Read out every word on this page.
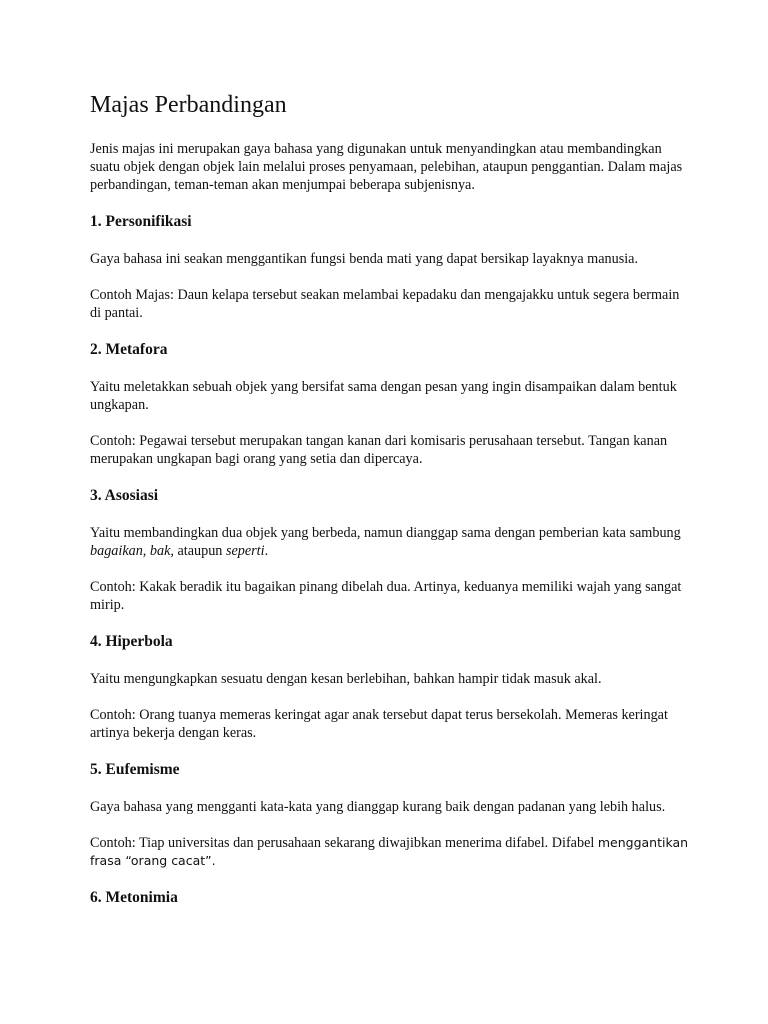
Majas Perbandingan

Jenis majas ini merupakan gaya bahasa yang digunakan untuk menyandingkan atau membandingkan suatu objek dengan objek lain melalui proses penyamaan, pelebihan, ataupun penggantian. Dalam majas perbandingan, teman-teman akan menjumpai beberapa subjenisnya.

1. Personifikasi

Gaya bahasa ini seakan menggantikan fungsi benda mati yang dapat bersikap layaknya manusia.

Contoh Majas: Daun kelapa tersebut seakan melambai kepadaku dan mengajakku untuk segera bermain di pantai.

2. Metafora

Yaitu meletakkan sebuah objek yang bersifat sama dengan pesan yang ingin disampaikan dalam bentuk ungkapan.

Contoh: Pegawai tersebut merupakan tangan kanan dari komisaris perusahaan tersebut. Tangan kanan merupakan ungkapan bagi orang yang setia dan dipercaya.

3. Asosiasi

Yaitu membandingkan dua objek yang berbeda, namun dianggap sama dengan pemberian kata sambung bagaikan, bak, ataupun seperti.

Contoh: Kakak beradik itu bagaikan pinang dibelah dua. Artinya, keduanya memiliki wajah yang sangat mirip.

4. Hiperbola

Yaitu mengungkapkan sesuatu dengan kesan berlebihan, bahkan hampir tidak masuk akal.

Contoh: Orang tuanya memeras keringat agar anak tersebut dapat terus bersekolah. Memeras keringat artinya bekerja dengan keras.

5. Eufemisme

Gaya bahasa yang mengganti kata-kata yang dianggap kurang baik dengan padanan yang lebih halus.

Contoh: Tiap universitas dan perusahaan sekarang diwajibkan menerima difabel. Difabel menggantikan frasa “orang cacat”.

6. Metonimia
